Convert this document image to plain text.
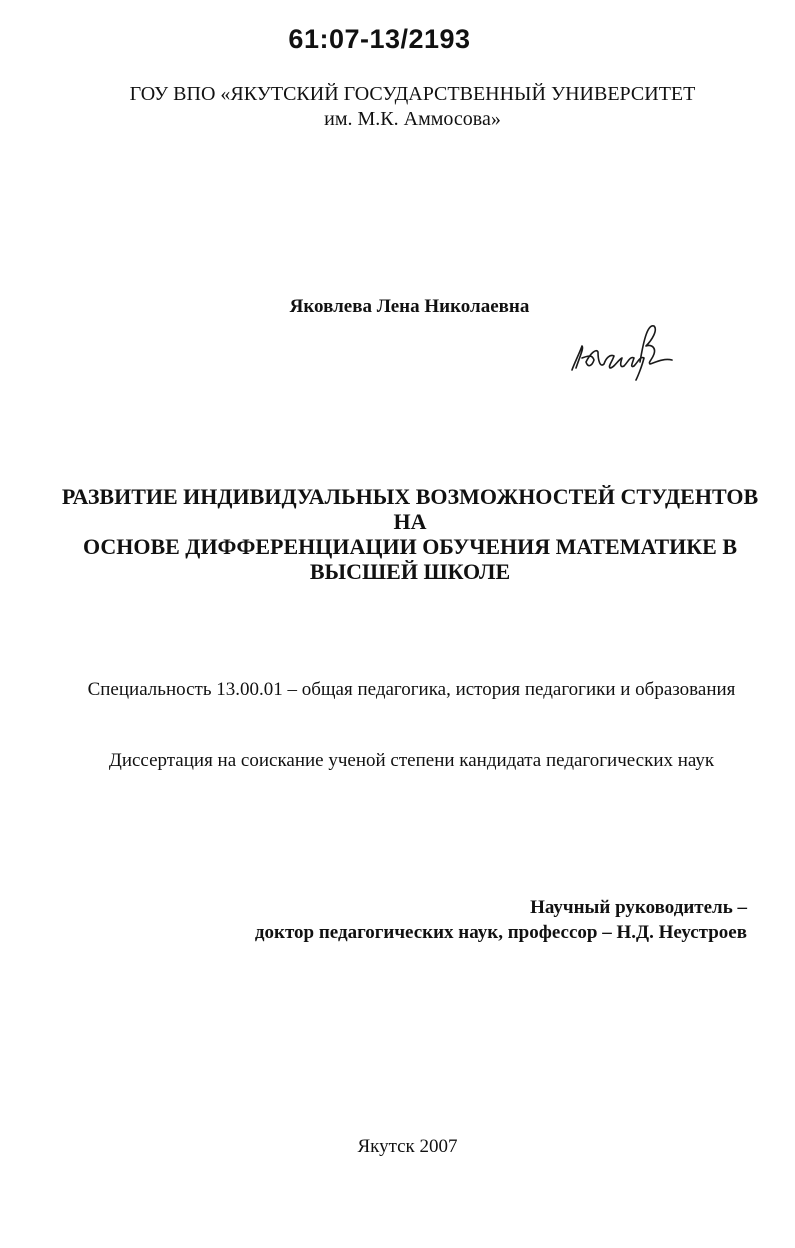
61:07-13/2193
ГОУ ВПО «ЯКУТСКИЙ ГОСУДАРСТВЕННЫЙ УНИВЕРСИТЕТ
им. М.К. Аммосова»
Яковлева Лена Николаевна
РАЗВИТИЕ ИНДИВИДУАЛЬНЫХ ВОЗМОЖНОСТЕЙ СТУДЕНТОВ НА
ОСНОВЕ ДИФФЕРЕНЦИАЦИИ ОБУЧЕНИЯ МАТЕМАТИКЕ В
ВЫСШЕЙ ШКОЛЕ
Специальность 13.00.01 – общая педагогика, история педагогики и образования
Диссертация на соискание ученой степени кандидата педагогических наук
Научный руководитель –
доктор педагогических наук, профессор – Н.Д. Неустроев
Якутск 2007
